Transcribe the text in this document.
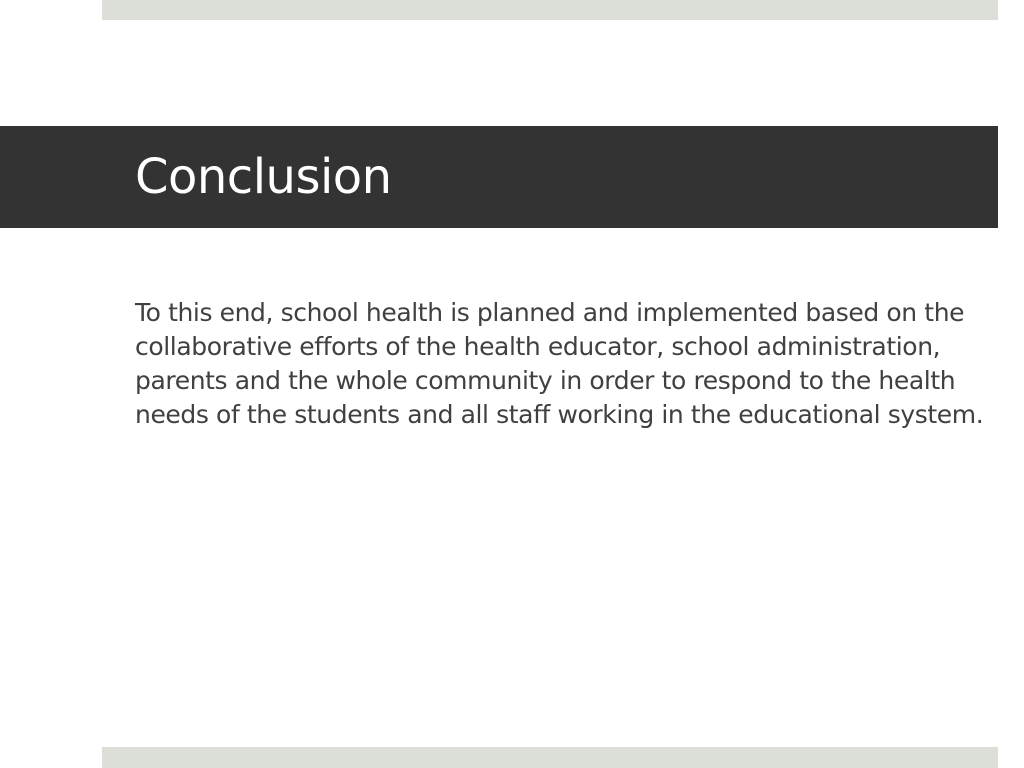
Conclusion

To this end, school health is planned and implemented based on the collaborative efforts of the health educator, school administration, parents and the whole community in order to respond to the health needs of the students and all staff working in the educational system.
